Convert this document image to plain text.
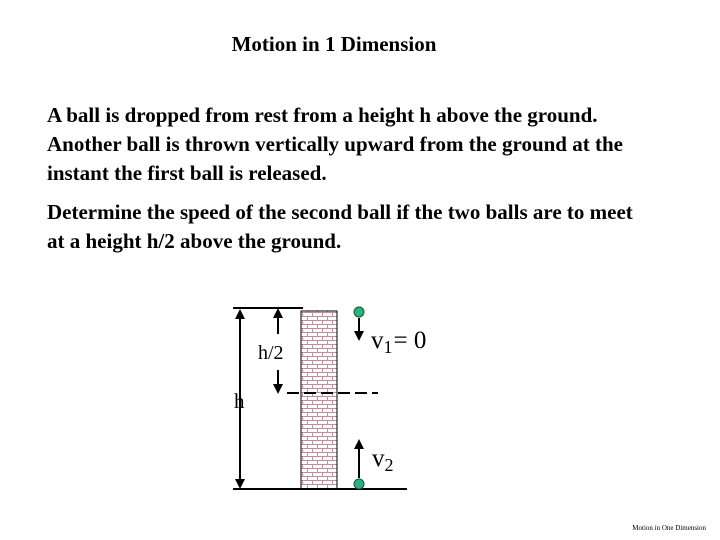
Motion in 1 Dimension

A ball is dropped from rest from a height h above the ground. Another ball is thrown vertically upward from the ground at the instant the first ball is released.

Determine the speed of the second ball if the two balls are to meet at a height h/2 above the ground.

h
h/2	$v_1= 0$
$v_2$
Motion in One Dimension
